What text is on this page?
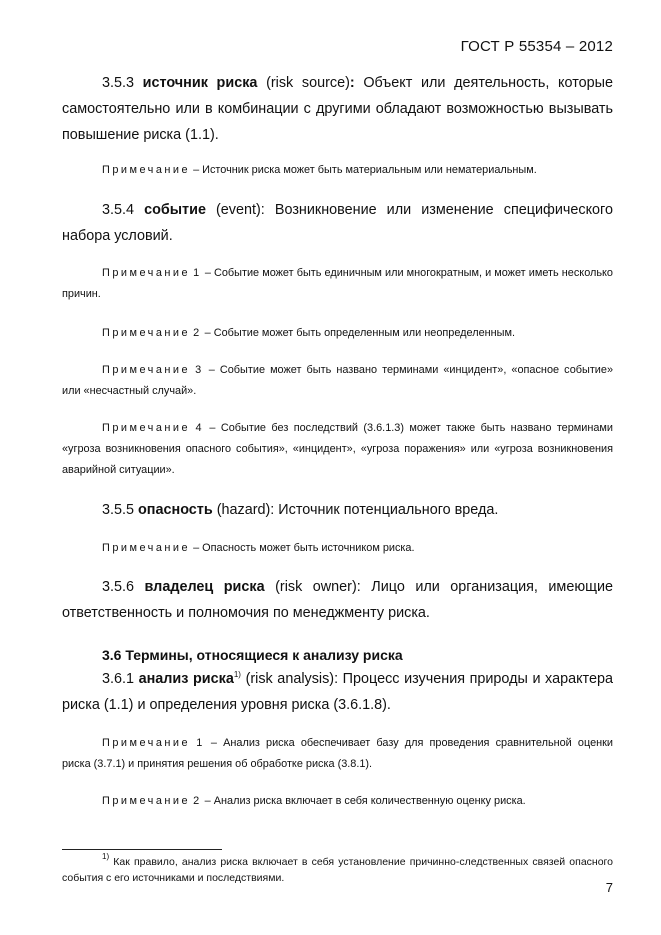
ГОСТ Р 55354 – 2012

3.5.3 источник риска (risk source): Объект или деятельность, которые самостоятельно или в комбинации с другими обладают возможностью вызывать повышение риска (1.1).

Примечание – Источник риска может быть материальным или нематериальным.

3.5.4 событие (event): Возникновение или изменение специфического набора условий.

Примечание 1 – Событие может быть единичным или многократным, и может иметь несколько причин.

Примечание 2 – Событие может быть определенным или неопределенным.

Примечание 3 – Событие может быть названо терминами «инцидент», «опасное событие» или «несчастный случай».

Примечание 4 – Событие без последствий (3.6.1.3) может также быть названо терминами «угроза возникновения опасного события», «инцидент», «угроза поражения» или «угроза возникновения аварийной ситуации».

3.5.5 опасность (hazard): Источник потенциального вреда.

Примечание – Опасность может быть источником риска.

3.5.6 владелец риска (risk owner): Лицо или организация, имеющие ответственность и полномочия по менеджменту риска.

3.6 Термины, относящиеся к анализу риска

3.6.1 анализ риска$^{1)}$ (risk analysis): Процесс изучения природы и характера риска (1.1) и определения уровня риска (3.6.1.8).

Примечание 1 – Анализ риска обеспечивает базу для проведения сравнительной оценки риска (3.7.1) и принятия решения об обработке риска (3.8.1).

Примечание 2 – Анализ риска включает в себя количественную оценку риска.

$^{1)}$ Как правило, анализ риска включает в себя установление причинно-следственных связей опасного события с его источниками и последствиями.

7
